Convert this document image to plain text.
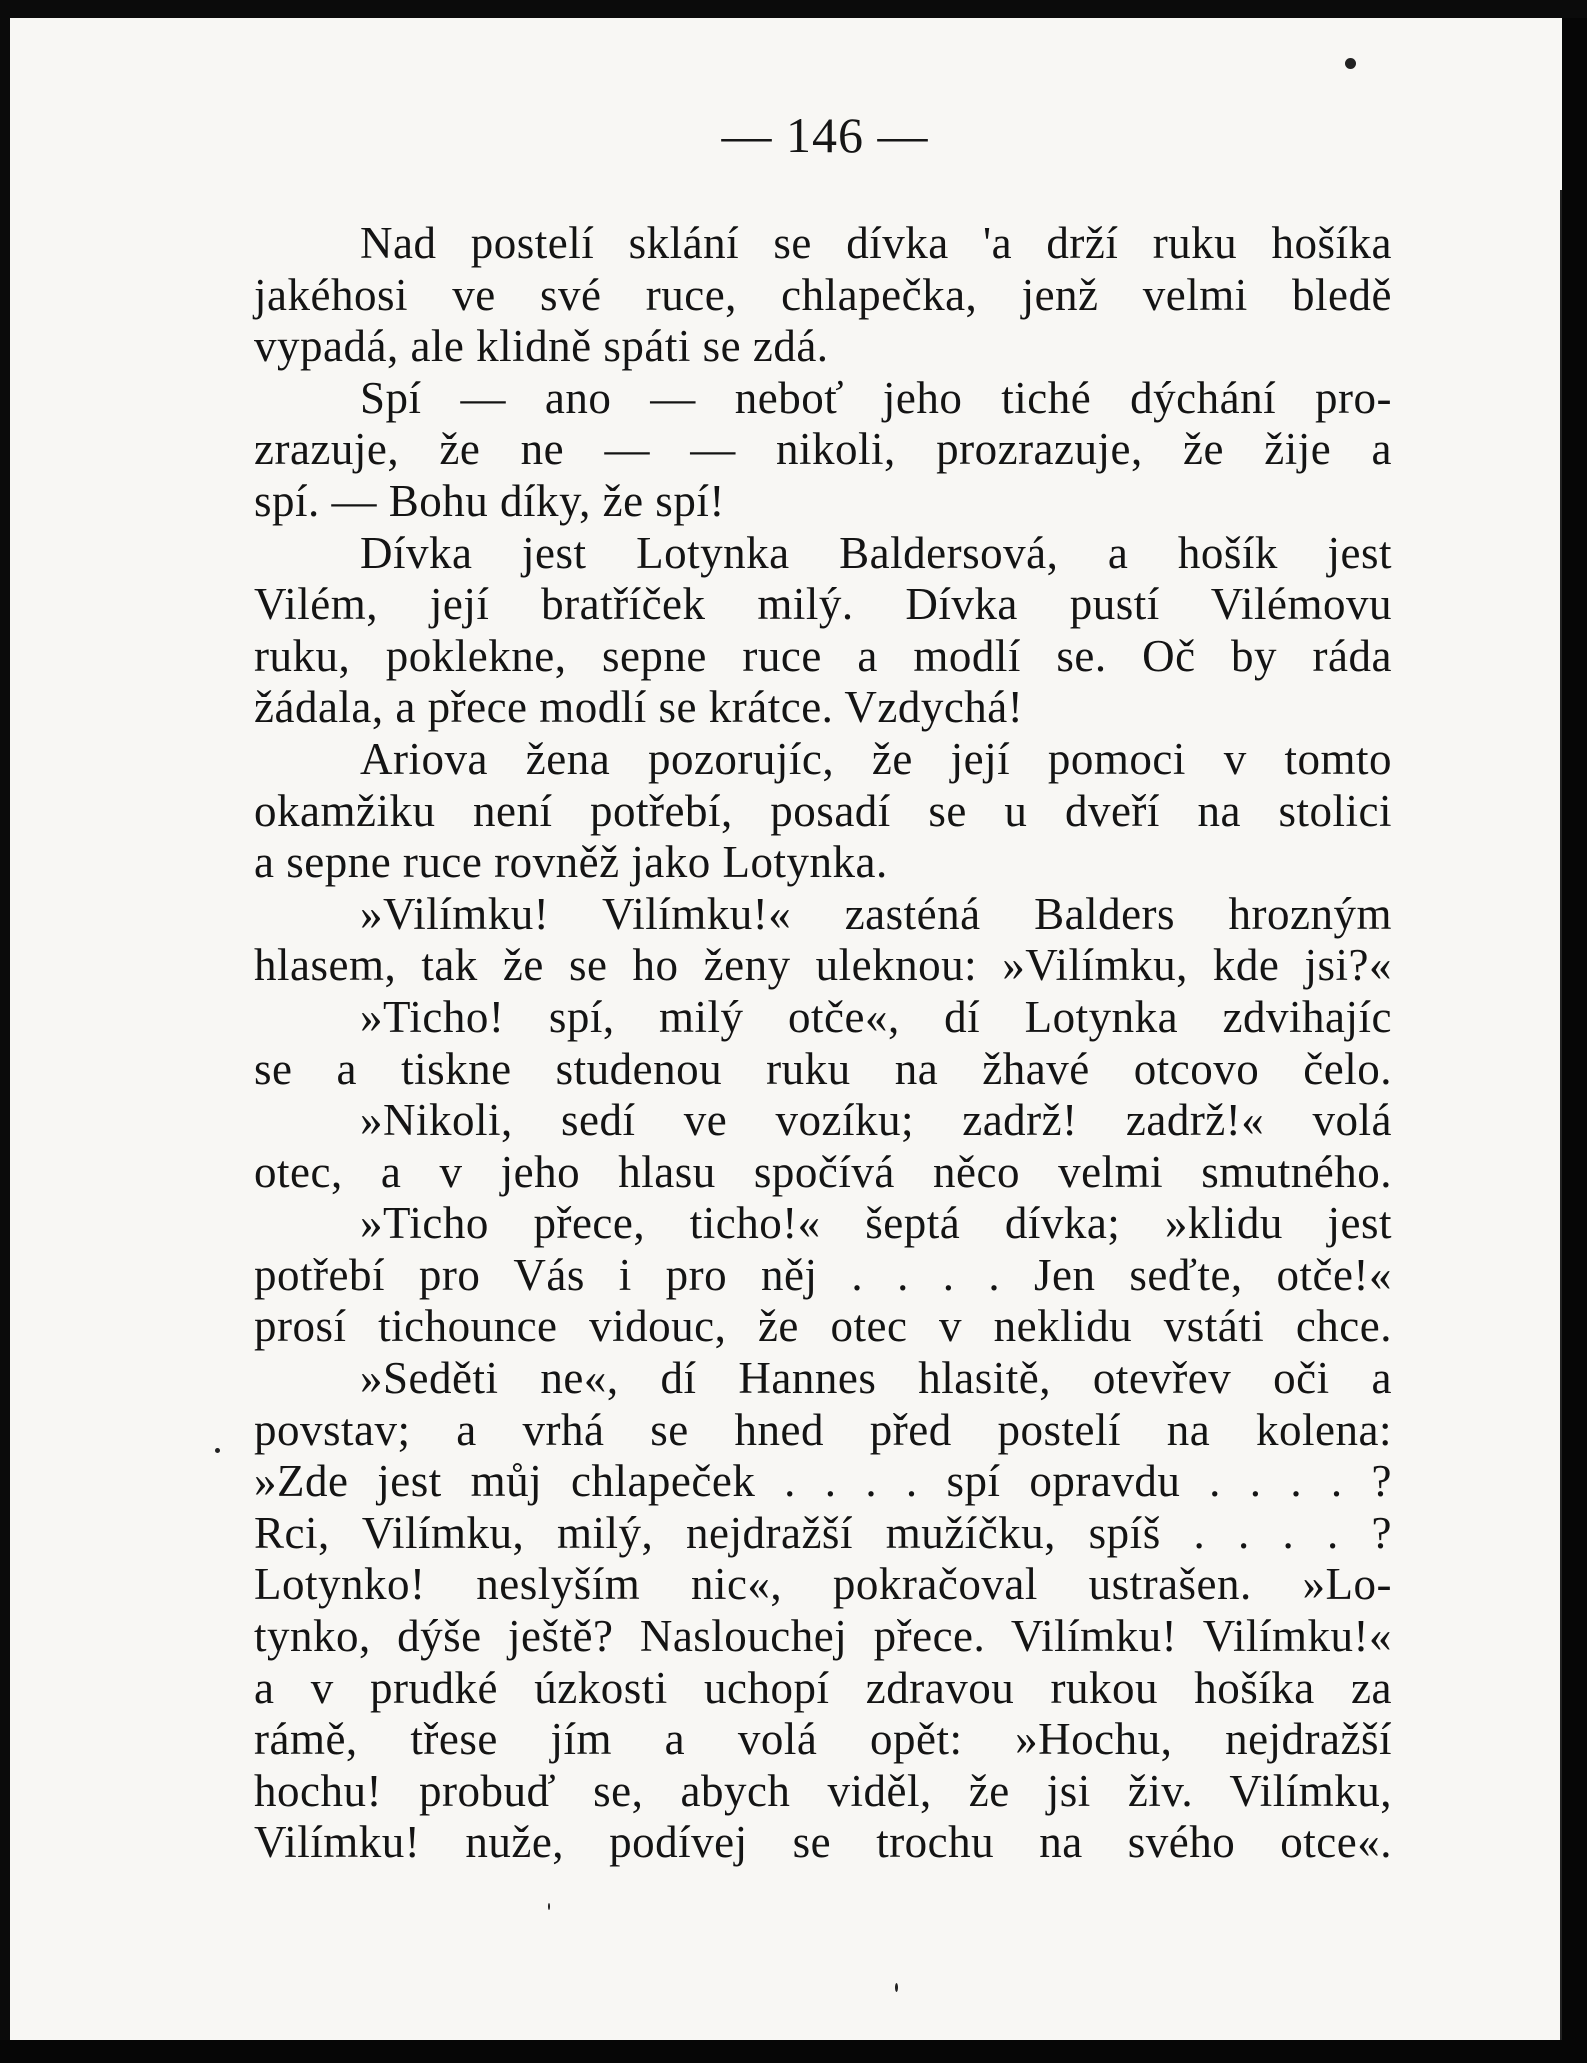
— 146 —
Nad postelí sklání se dívka 'a drží ruku hošíka
jakéhosi ve své ruce, chlapečka, jenž velmi bledě
vypadá, ale klidně spáti se zdá.
Spí — ano — neboť jeho tiché dýchání pro-
zrazuje, že ne — — nikoli, prozrazuje, že žije a
spí. — Bohu díky, že spí!
Dívka jest Lotynka Baldersová, a hošík jest
Vilém, její bratříček milý. Dívka pustí Vilémovu
ruku, poklekne, sepne ruce a modlí se. Oč by ráda
žádala, a přece modlí se krátce. Vzdychá!
Ariova žena pozorujíc, že její pomoci v tomto
okamžiku není potřebí, posadí se u dveří na stolici
a sepne ruce rovněž jako Lotynka.
»Vilímku! Vilímku!« zasténá Balders hrozným
hlasem, tak že se ho ženy uleknou: »Vilímku, kde jsi?«
»Ticho! spí, milý otče«, dí Lotynka zdvihajíc
se a tiskne studenou ruku na žhavé otcovo čelo.
»Nikoli, sedí ve vozíku; zadrž! zadrž!« volá
otec, a v jeho hlasu spočívá něco velmi smutného.
»Ticho přece, ticho!« šeptá dívka; »klidu jest
potřebí pro Vás i pro něj . . . . Jen seďte, otče!«
prosí tichounce vidouc, že otec v neklidu vstáti chce.
»Seděti ne«, dí Hannes hlasitě, otevřev oči a
povstav; a vrhá se hned před postelí na kolena:
»Zde jest můj chlapeček . . . . spí opravdu . . . . ?
Rci, Vilímku, milý, nejdražší mužíčku, spíš . . . . ?
Lotynko! neslyším nic«, pokračoval ustrašen. »Lo-
tynko, dýše ještě? Naslouchej přece. Vilímku! Vilímku!«
a v prudké úzkosti uchopí zdravou rukou hošíka za
rámě, třese jím a volá opět: »Hochu, nejdražší
hochu! probuď se, abych viděl, že jsi živ. Vilímku,
Vilímku! nuže, podívej se trochu na svého otce«.
